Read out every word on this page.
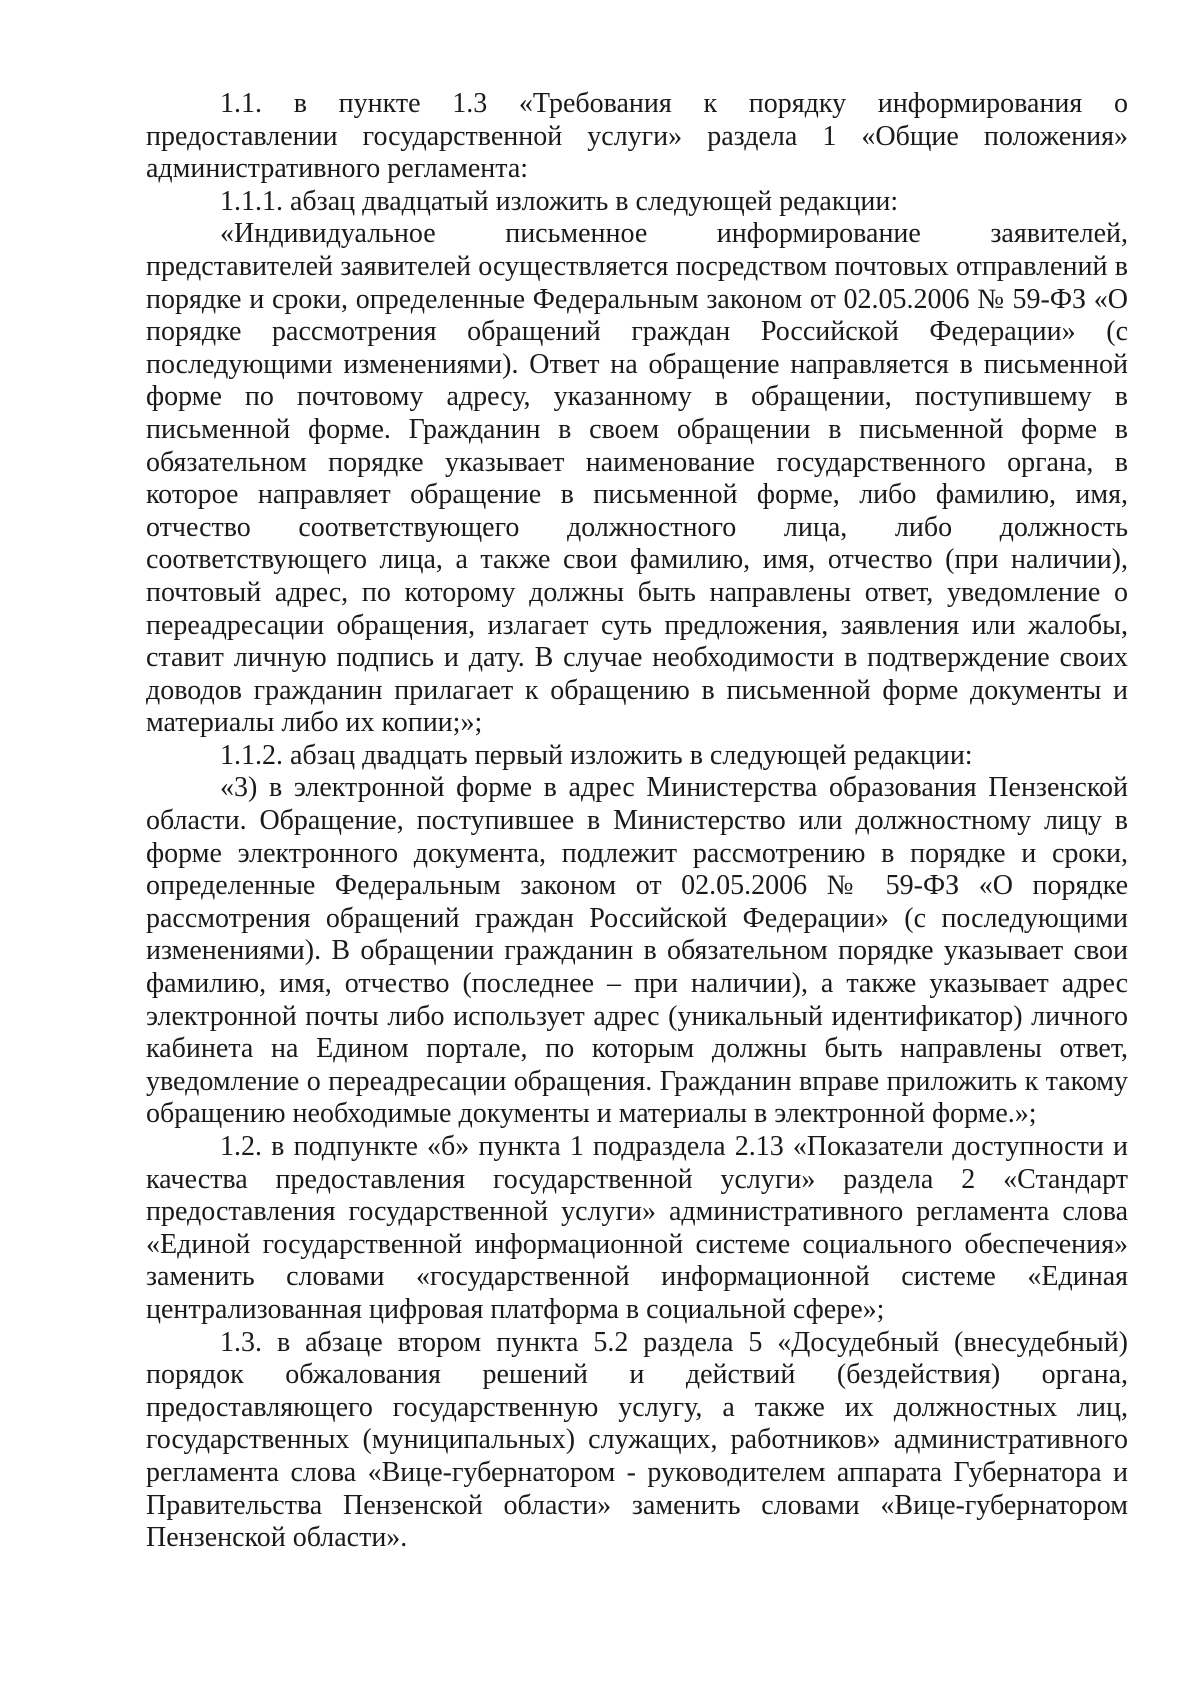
1.1. в пункте 1.3 «Требования к порядку информирования о предоставлении государственной услуги» раздела 1 «Общие положения» административного регламента:

1.1.1. абзац двадцатый изложить в следующей редакции:

«Индивидуальное письменное информирование заявителей, представителей заявителей осуществляется посредством почтовых отправлений в порядке и сроки, определенные Федеральным законом от 02.05.2006 № 59-ФЗ «О порядке рассмотрения обращений граждан Российской Федерации» (с последующими изменениями). Ответ на обращение направляется в письменной форме по почтовому адресу, указанному в обращении, поступившему в письменной форме. Гражданин в своем обращении в письменной форме в обязательном порядке указывает наименование государственного органа, в которое направляет обращение в письменной форме, либо фамилию, имя, отчество соответствующего должностного лица, либо должность соответствующего лица, а также свои фамилию, имя, отчество (при наличии), почтовый адрес, по которому должны быть направлены ответ, уведомление о переадресации обращения, излагает суть предложения, заявления или жалобы, ставит личную подпись и дату. В случае необходимости в подтверждение своих доводов гражданин прилагает к обращению в письменной форме документы и материалы либо их копии;»;

1.1.2. абзац двадцать первый изложить в следующей редакции:

«3) в электронной форме в адрес Министерства образования Пензенской области. Обращение, поступившее в Министерство или должностному лицу в форме электронного документа, подлежит рассмотрению в порядке и сроки, определенные Федеральным законом от 02.05.2006 № 59-ФЗ «О порядке рассмотрения обращений граждан Российской Федерации» (с последующими изменениями). В обращении гражданин в обязательном порядке указывает свои фамилию, имя, отчество (последнее – при наличии), а также указывает адрес электронной почты либо использует адрес (уникальный идентификатор) личного кабинета на Едином портале, по которым должны быть направлены ответ, уведомление о переадресации обращения. Гражданин вправе приложить к такому обращению необходимые документы и материалы в электронной форме.»;

1.2. в подпункте «б» пункта 1 подраздела 2.13 «Показатели доступности и качества предоставления государственной услуги» раздела 2 «Стандарт предоставления государственной услуги» административного регламента слова «Единой государственной информационной системе социального обеспечения» заменить словами «государственной информационной системе «Единая централизованная цифровая платформа в социальной сфере»;

1.3. в абзаце втором пункта 5.2 раздела 5 «Досудебный (внесудебный) порядок обжалования решений и действий (бездействия) органа, предоставляющего государственную услугу, а также их должностных лиц, государственных (муниципальных) служащих, работников» административного регламента слова «Вице-губернатором - руководителем аппарата Губернатора и Правительства Пензенской области» заменить словами «Вице-губернатором Пензенской области».
